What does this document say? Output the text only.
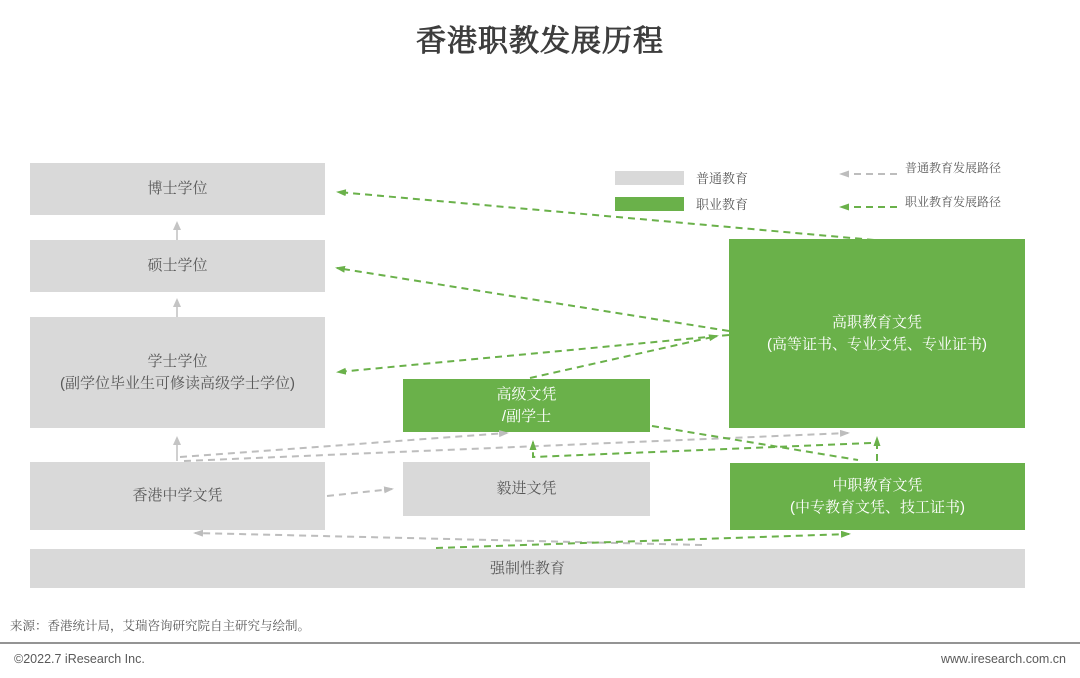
香港职教发展历程
博士学位
硕士学位
学士学位
(副学位毕业生可修读高级学士学位)
香港中学文凭
高级文凭
/副学士
毅进文凭
高职教育文凭
(高等证书、专业文凭、专业证书)
中职教育文凭
(中专教育文凭、技工证书)
强制性教育
普通教育
职业教育
普通教育发展路径
职业教育发展路径
来源：香港统计局，艾瑞咨询研究院自主研究与绘制。
©2022.7 iResearch Inc.	www.iresearch.com.cn
